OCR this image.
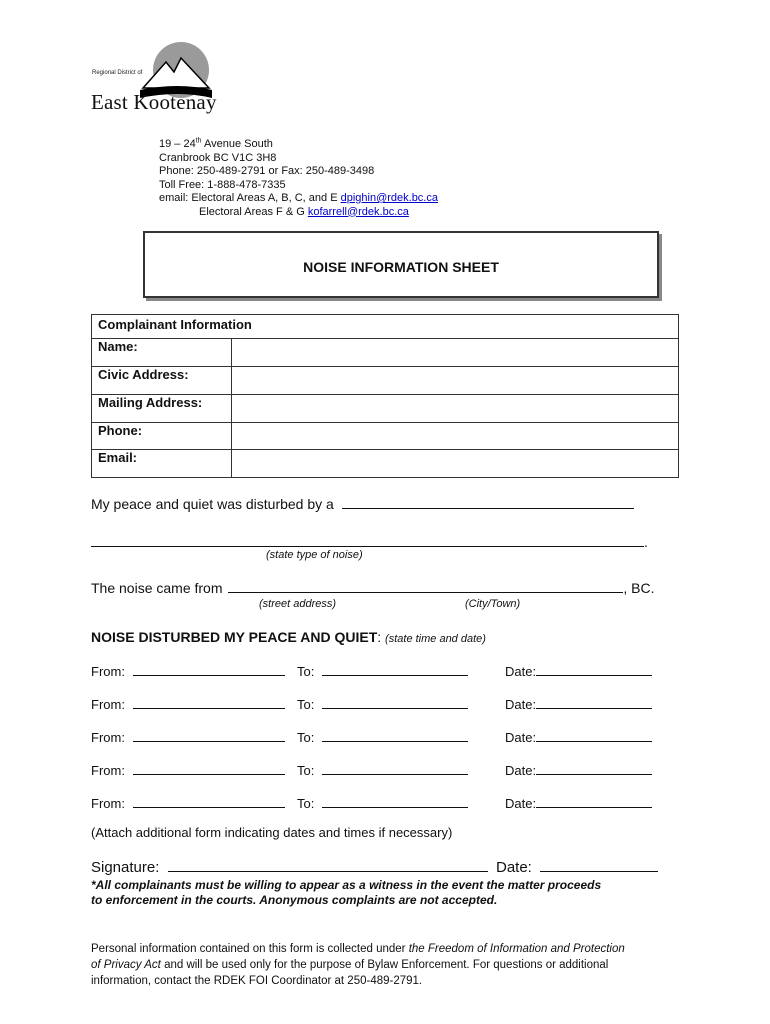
Regional District of
East Kootenay
19 – 24th Avenue South
Cranbrook BC V1C 3H8
Phone: 250-489-2791 or Fax: 250-489-3498
Toll Free: 1-888-478-7335
email: Electoral Areas A, B, C, and E dpighin@rdek.bc.ca
Electoral Areas F & G kofarrell@rdek.bc.ca
NOISE INFORMATION SHEET
Complainant Information	
Name:	
Civic Address:	
Mailing Address:	
Phone:	
Email:	
My peace and quiet was disturbed by a
.
(state type of noise)
The noise came from	, BC.
(street address)	(City/Town)
NOISE DISTURBED MY PEACE AND QUIET: (state time and date)
From:	To:	Date:
From:	To:	Date:
From:	To:	Date:
From:	To:	Date:
From:	To:	Date:
(Attach additional form indicating dates and times if necessary)
Signature:	Date:
*All complainants must be willing to appear as a witness in the event the matter proceeds
to enforcement in the courts. Anonymous complaints are not accepted.
Personal information contained on this form is collected under the Freedom of Information and Protection
of Privacy Act and will be used only for the purpose of Bylaw Enforcement. For questions or additional
information, contact the RDEK FOI Coordinator at 250-489-2791.
